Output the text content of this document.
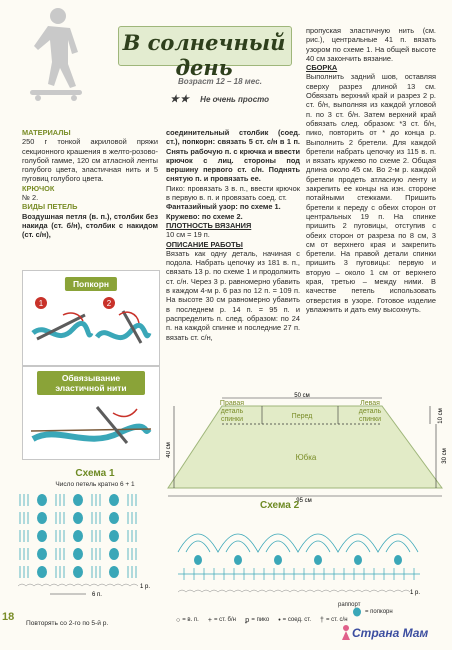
В солнечный день
Возраст 12 – 18 мес.
★★ Не очень просто
МАТЕРИАЛЫ
250 г тонкой акриловой пряжи секционного крашения в желто-розово-голубой гамме, 120 см атласной ленты голубого цвета, эластичная нить и 5 пуговиц голубого цвета.
КРЮЧОК
№ 2.
ВИДЫ ПЕТЕЛЬ
Воздушная петля (в. п.), столбик без накида (ст. б/н), столбик с накидом (ст. с/н),
Попкорн
1	2
Обвязывание эластичной нити
соединительный столбик (соед. ст.), попкорн: связать 5 ст. с/н в 1 п. Снять рабочую п. с крючка и ввести крючок с лиц. стороны под вершину первого ст. с/н. Поднять снятую п. и провязать ее.
Пико: провязать 3 в. п., ввести крючок в первую в. п. и провязать соед. ст.
Фантазийный узор: по схеме 1.
Кружево: по схеме 2.
ПЛОТНОСТЬ ВЯЗАНИЯ
10 см = 19 п.
ОПИСАНИЕ РАБОТЫ
Вязать как одну деталь, начиная с подола. Набрать цепочку из 181 в. п., связать 13 р. по схеме 1 и продолжить ст. с/н. Через 3 р. равномерно убавить в каждом 4-м р. 6 раз по 12 п. = 109 п. На высоте 30 см равномерно убавить в последнем р. 14 п. = 95 п. и распределить п. след. образом: по 24 п. на каждой спинке и последние 27 п. вязать ст. с/н,
пропуская эластичную нить (см. рис.), центральные 41 п. вязать узором по схеме 1. На общей высоте 40 см закончить вязание.
СБОРКА
Выполнить задний шов, оставляя сверху разрез длиной 13 см. Обвязать верхний край и разрез 2 р. ст. б/н, выполняя из каждой угловой п. по 3 ст. б/н. Затем верхний край обвязать след. образом: *3 ст. б/н, пико, повторить от * до конца р. Выполнить 2 бретели. Для каждой бретели набрать цепочку из 115 в. п. и вязать кружево по схеме 2. Общая длина около 45 см. Во 2-м р. каждой бретели продеть атласную ленту и закрепить ее концы на изн. стороне потайными стежками. Пришить бретели к переду с обеих сторон от центральных 19 п. На спинке пришить 2 пуговицы, отступив с обеих сторон от разреза по 8 см, 3 см от верхнего края и закрепить бретели. На правой детали спинки пришить 3 пуговицы: первую и вторую – около 1 см от верхнего края, третью – между ними. В качестве петель использовать отверстия в узоре. Готовое изделие увлажнить и дать ему высохнуть.
50 см
Перед
Юбка
95 см
40 см
10 см
30 см
Правая деталь спинки
Левая деталь спинки
Схема 1
Число петель кратно 6 + 1
6 п.
1 р.
18
Повторять со 2-го по 5-й р.
Схема 2
1 р.
раппорт
= попкорн
○ = в. п. + = ст. б/н ꝑ = пико • = соед. ст. † = ст. с/н
Страна Мам
